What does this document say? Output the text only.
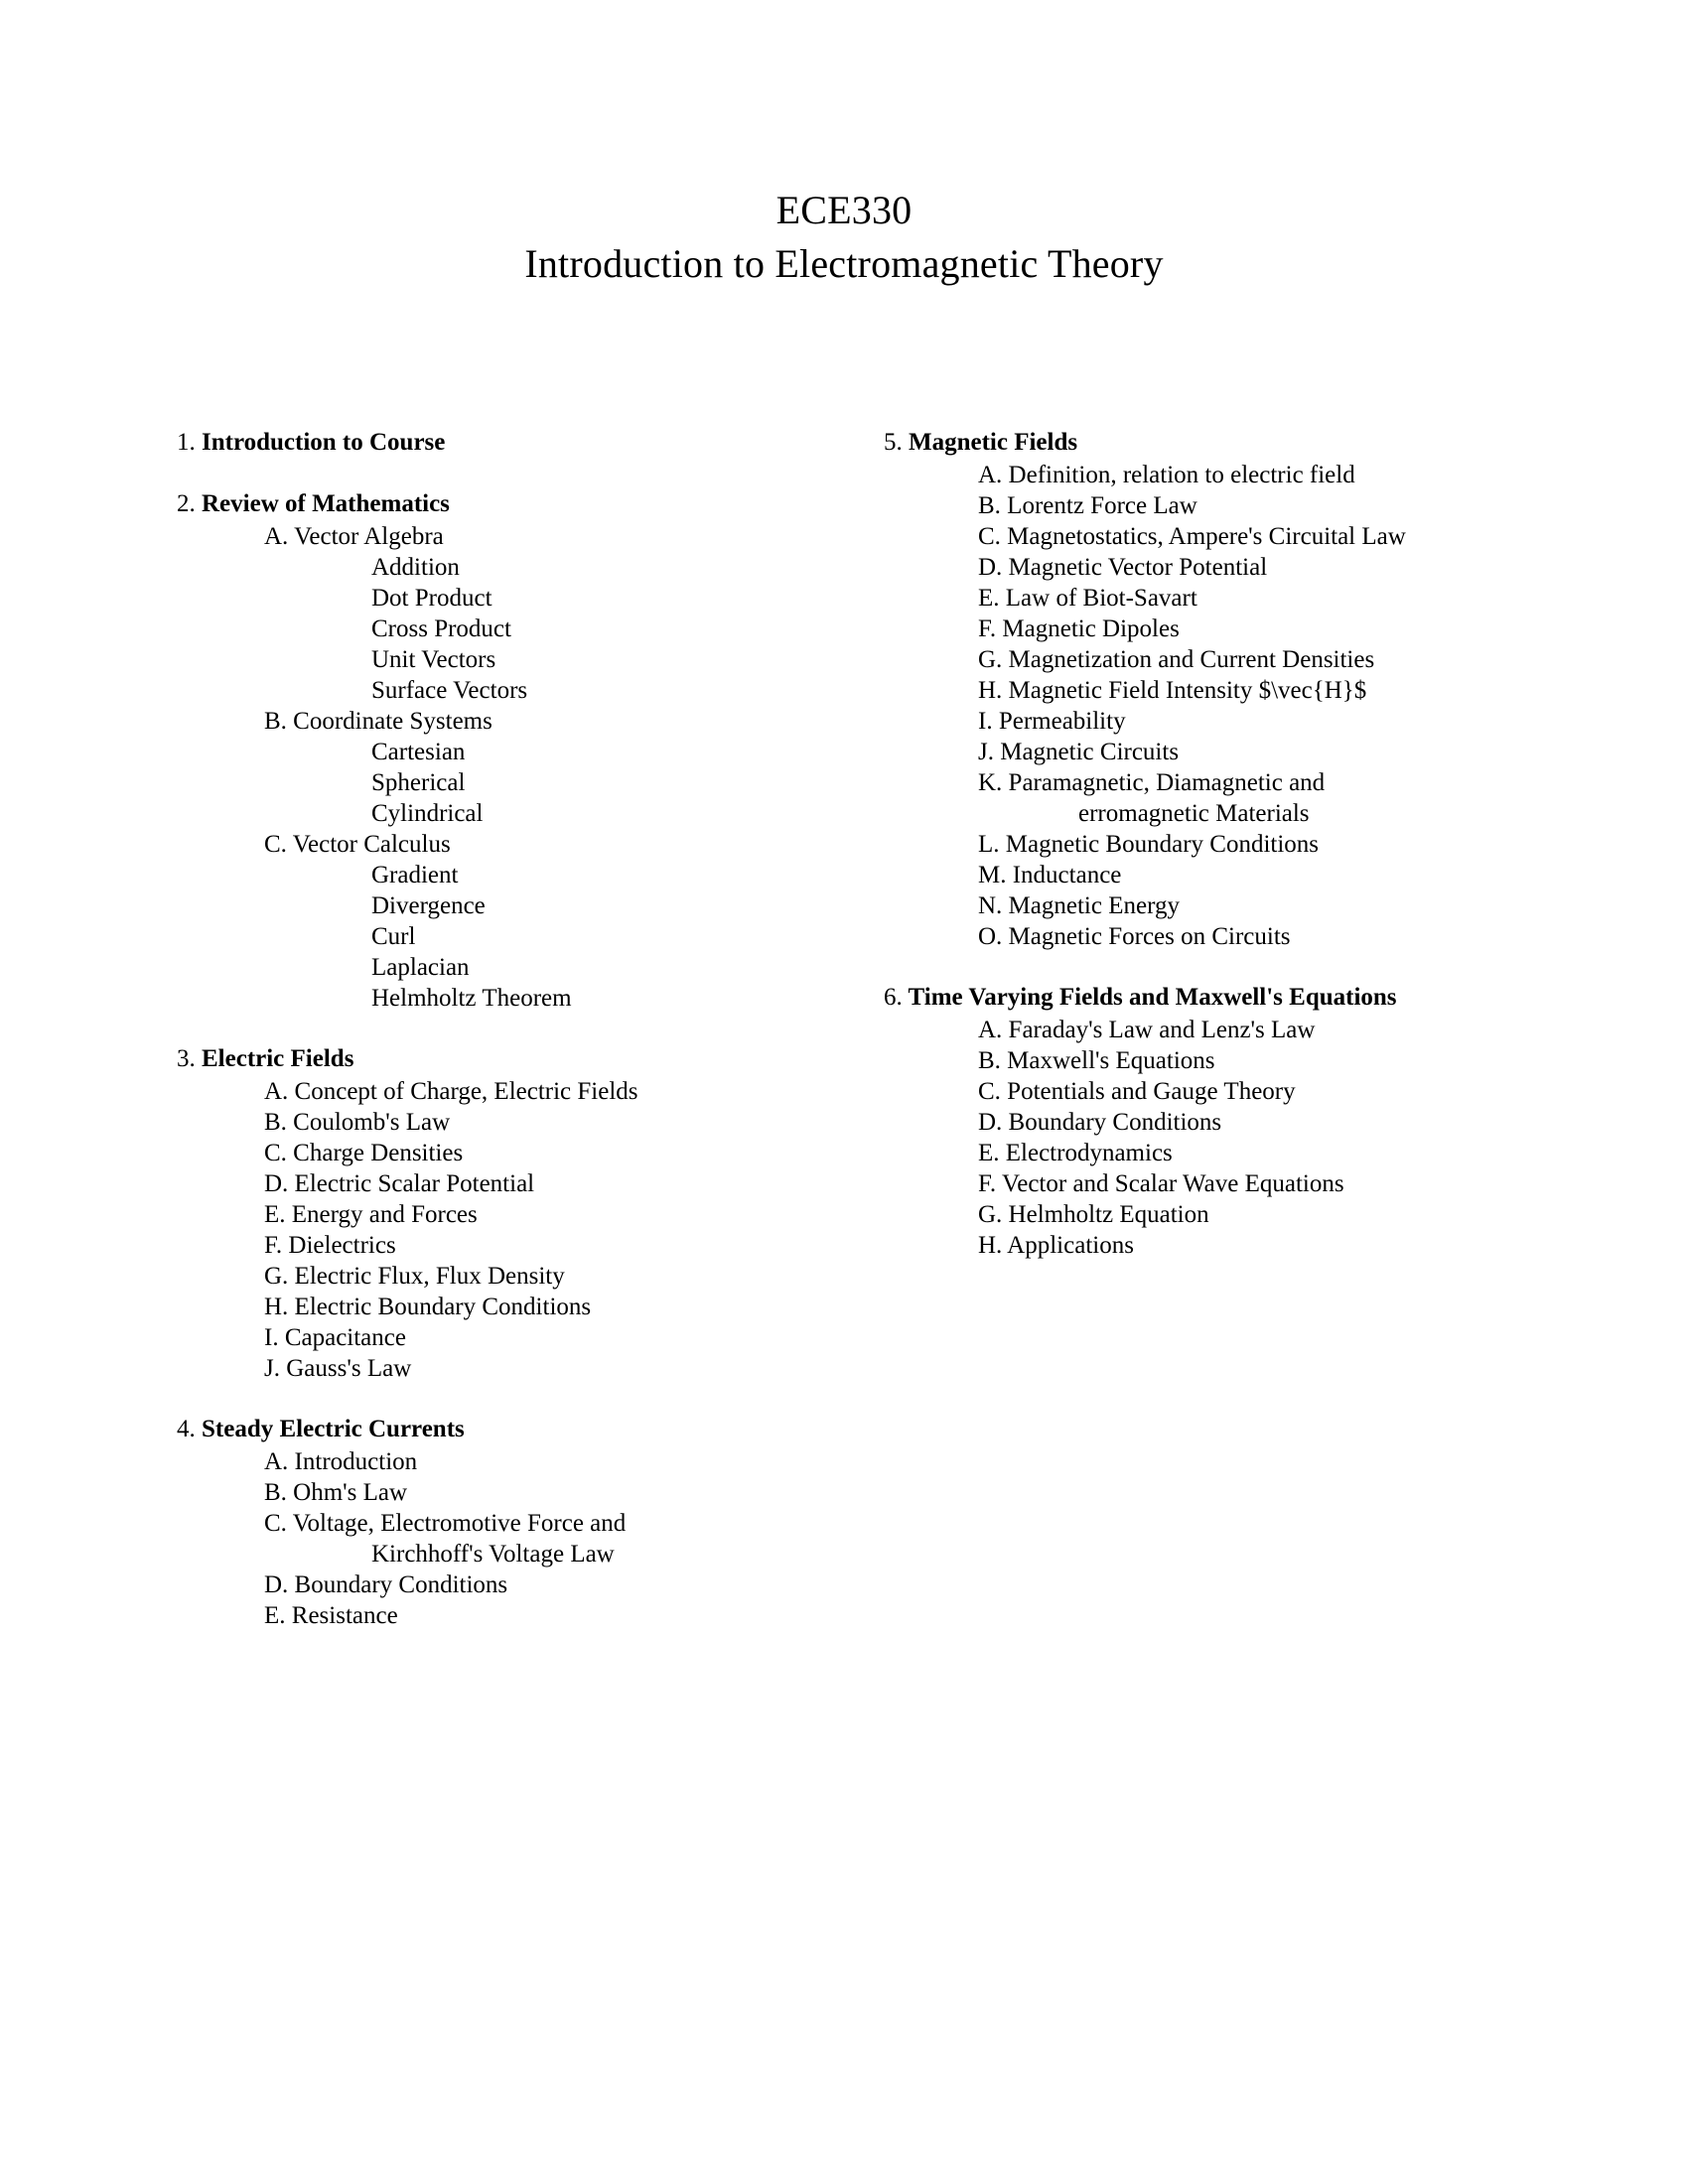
ECE330
Introduction to Electromagnetic Theory
1. Introduction to Course
2. Review of Mathematics
A. Vector Algebra
Addition
Dot Product
Cross Product
Unit Vectors
Surface Vectors
B. Coordinate Systems
Cartesian
Spherical
Cylindrical
C. Vector Calculus
Gradient
Divergence
Curl
Laplacian
Helmholtz Theorem
3. Electric Fields
A. Concept of Charge, Electric Fields
B. Coulomb's Law
C. Charge Densities
D. Electric Scalar Potential
E. Energy and Forces
F. Dielectrics
G. Electric Flux, Flux Density
H. Electric Boundary Conditions
I. Capacitance
J. Gauss's Law
4. Steady Electric Currents
A. Introduction
B. Ohm's Law
C. Voltage, Electromotive Force and
Kirchhoff's Voltage Law
D. Boundary Conditions
E. Resistance
5. Magnetic Fields
A. Definition, relation to electric field
B. Lorentz Force Law
C. Magnetostatics, Ampere's Circuital Law
D. Magnetic Vector Potential
E. Law of Biot-Savart
F. Magnetic Dipoles
G. Magnetization and Current Densities
H. Magnetic Field Intensity $\vec{H}$
I. Permeability
J. Magnetic Circuits
K. Paramagnetic, Diamagnetic and
erromagnetic Materials
L. Magnetic Boundary Conditions
M. Inductance
N. Magnetic Energy
O. Magnetic Forces on Circuits
6. Time Varying Fields and Maxwell's Equations
A. Faraday's Law and Lenz's Law
B. Maxwell's Equations
C. Potentials and Gauge Theory
D. Boundary Conditions
E. Electrodynamics
F. Vector and Scalar Wave Equations
G. Helmholtz Equation
H. Applications
